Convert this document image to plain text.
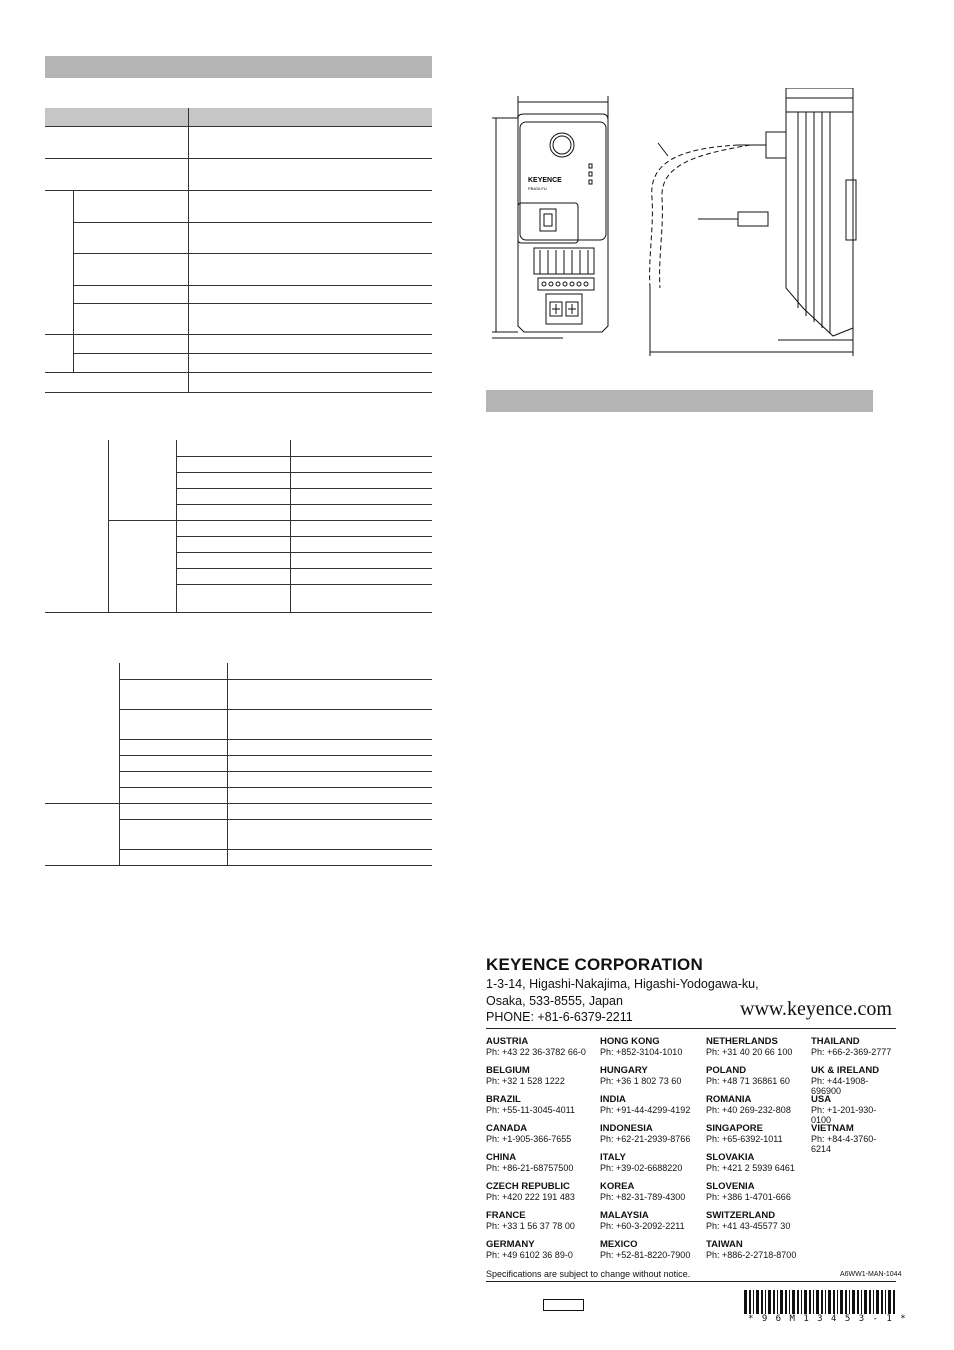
KEYENCE
PB400-FU
KEYENCE CORPORATION
1-3-14, Higashi-Nakajima, Higashi-Yodogawa-ku,
Osaka, 533-8555, Japan
PHONE: +81-6-6379-2211	www.keyence.com
AUSTRIA
Ph: +43 22 36-3782 66-0
BELGIUM
Ph: +32 1 528 1222
BRAZIL
Ph: +55-11-3045-4011
CANADA
Ph: +1-905-366-7655
CHINA
Ph: +86-21-68757500
CZECH REPUBLIC
Ph: +420 222 191 483
FRANCE
Ph: +33 1 56 37 78 00
GERMANY
Ph: +49 6102 36 89-0
HONG KONG
Ph: +852-3104-1010
HUNGARY
Ph: +36 1 802 73 60
INDIA
Ph: +91-44-4299-4192
INDONESIA
Ph: +62-21-2939-8766
ITALY
Ph: +39-02-6688220
KOREA
Ph: +82-31-789-4300
MALAYSIA
Ph: +60-3-2092-2211
MEXICO
Ph: +52-81-8220-7900
NETHERLANDS
Ph: +31 40 20 66 100
POLAND
Ph: +48 71 36861 60
ROMANIA
Ph: +40 269-232-808
SINGAPORE
Ph: +65-6392-1011
SLOVAKIA
Ph: +421 2 5939 6461
SLOVENIA
Ph: +386 1-4701-666
SWITZERLAND
Ph: +41 43-45577 30
TAIWAN
Ph: +886-2-2718-8700
THAILAND
Ph: +66-2-369-2777
UK & IRELAND
Ph: +44-1908-696900
USA
Ph: +1-201-930-0100
VIETNAM
Ph: +84-4-3760-6214
Specifications are subject to change without notice.	A6WW1-MAN-1044
* 9 6 M 1 3 4 5 3 - 1 *
